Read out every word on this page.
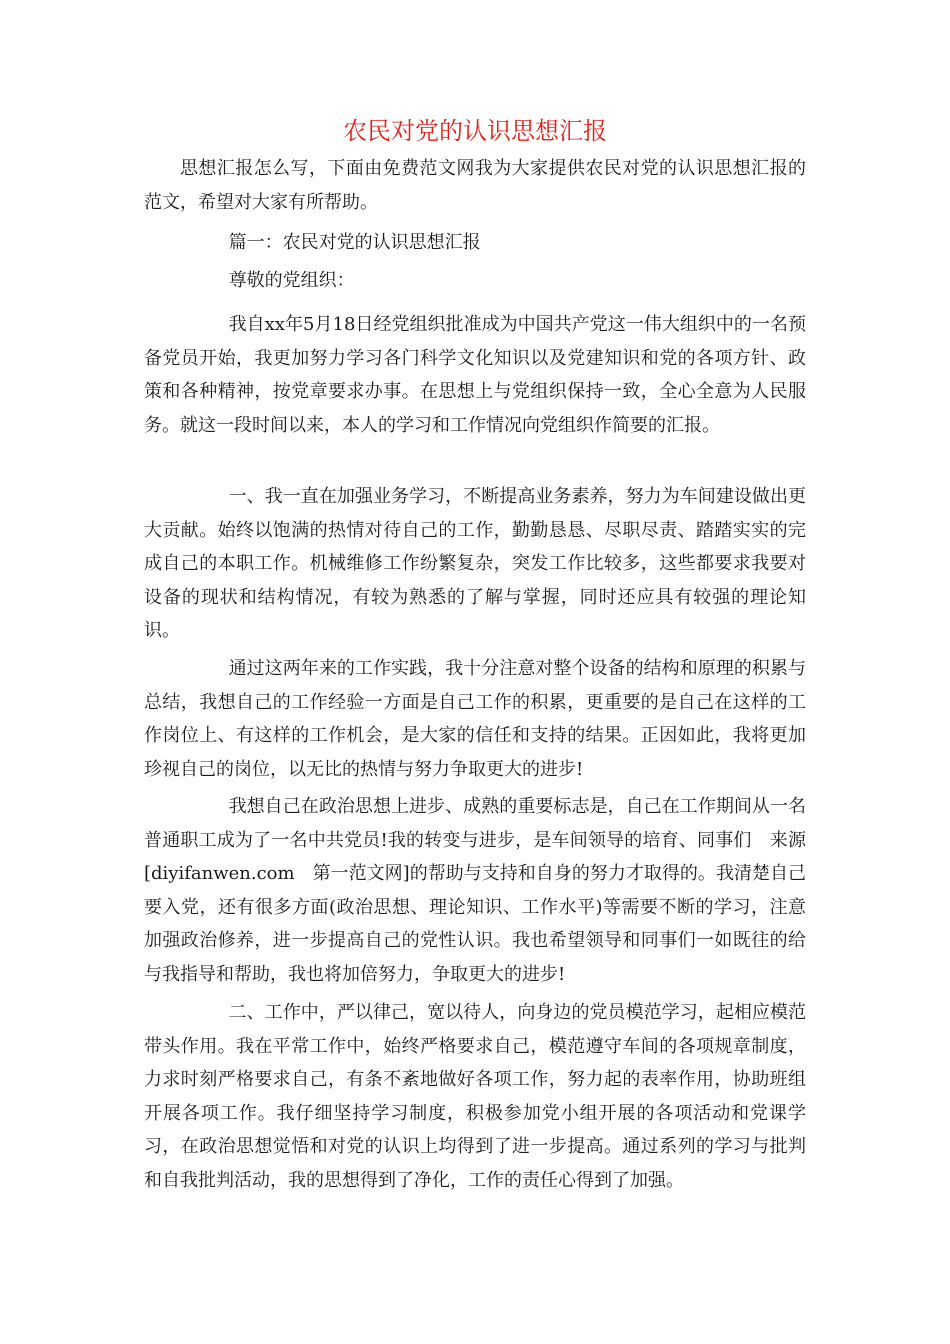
农民对党的认识思想汇报

思想汇报怎么写，下面由免费范文网我为大家提供农民对党的认识思想汇报的范文，希望对大家有所帮助。

篇一：农民对党的认识思想汇报

尊敬的党组织：

我自xx年5月18日经党组织批准成为中国共产党这一伟大组织中的一名预备党员开始，我更加努力学习各门科学文化知识以及党建知识和党的各项方针、政策和各种精神，按党章要求办事。在思想上与党组织保持一致，全心全意为人民服务。就这一段时间以来，本人的学习和工作情况向党组织作简要的汇报。

一、我一直在加强业务学习，不断提高业务素养，努力为车间建设做出更大贡献。始终以饱满的热情对待自己的工作，勤勤恳恳、尽职尽责、踏踏实实的完成自己的本职工作。机械维修工作纷繁复杂，突发工作比较多，这些都要求我要对设备的现状和结构情况，有较为熟悉的了解与掌握，同时还应具有较强的理论知识。

通过这两年来的工作实践，我十分注意对整个设备的结构和原理的积累与总结，我想自己的工作经验一方面是自己工作的积累，更重要的是自己在这样的工作岗位上、有这样的工作机会，是大家的信任和支持的结果。正因如此，我将更加珍视自己的岗位，以无比的热情与努力争取更大的进步!

我想自己在政治思想上进步、成熟的重要标志是，自己在工作期间从一名普通职工成为了一名中共党员!我的转变与进步，是车间领导的培育、同事们　来源[diyifanwen.com　第一范文网]的帮助与支持和自身的努力才取得的。我清楚自己要入党，还有很多方面(政治思想、理论知识、工作水平)等需要不断的学习，注意加强政治修养，进一步提高自己的党性认识。我也希望领导和同事们一如既往的给与我指导和帮助，我也将加倍努力，争取更大的进步!

二、工作中，严以律己，宽以待人，向身边的党员模范学习，起相应模范带头作用。我在平常工作中，始终严格要求自己，模范遵守车间的各项规章制度，力求时刻严格要求自己，有条不紊地做好各项工作，努力起的表率作用，协助班组开展各项工作。我仔细坚持学习制度，积极参加党小组开展的各项活动和党课学习，在政治思想觉悟和对党的认识上均得到了进一步提高。通过系列的学习与批判和自我批判活动，我的思想得到了净化，工作的责任心得到了加强。
